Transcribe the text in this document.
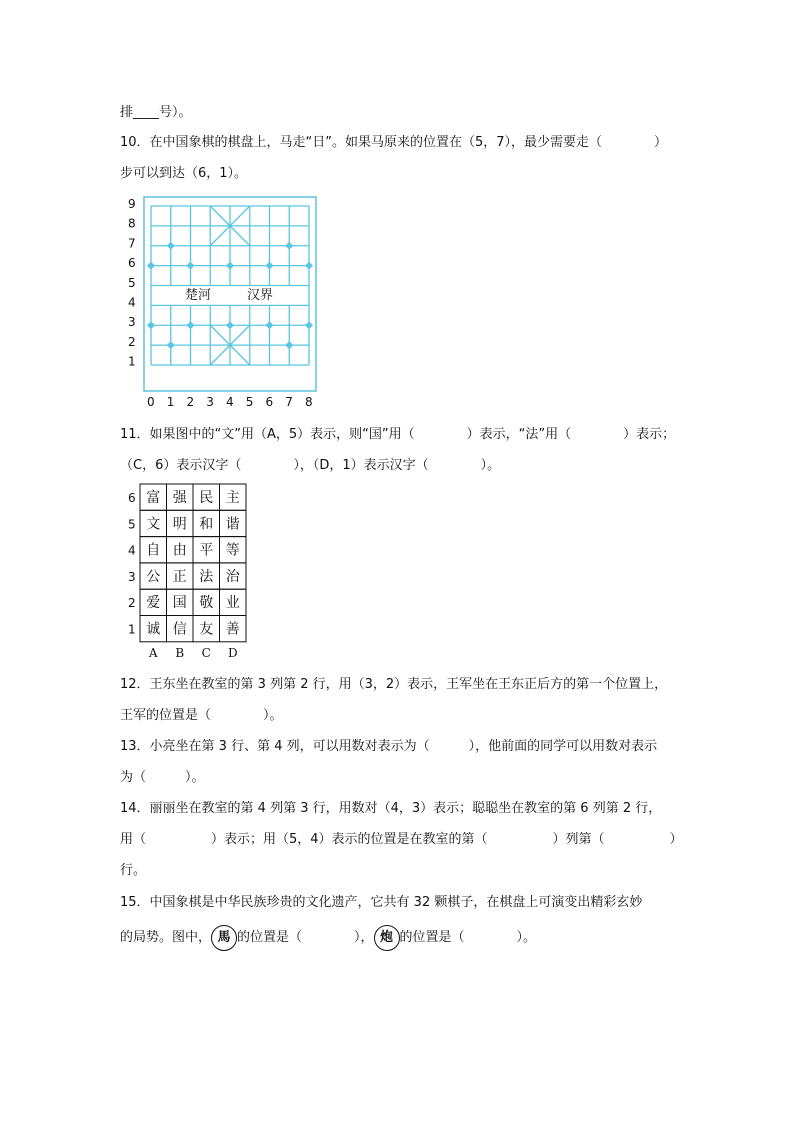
排____号）。
10．在中国象棋的棋盘上，马走“日”。如果马原来的位置在（5，7），最少需要走（　　　　）
步可以到达（6，1）。
9
8
7
6
5
4
3
2
1
0 1 2 3 4 5 6 7 8
楚河	汉界
11．如果图中的“文”用（A，5）表示，则“国”用（　　　　）表示，“法”用（　　　　）表示；
（C，6）表示汉字（　　　　），（D，1）表示汉字（　　　　）。
6 富 强 民 主
5 文 明 和 谐
4 自 由 平 等
3 公 正 法 治
2 爱 国 敬 业
1 诚 信 友 善
A B C D
12．王东坐在教室的第 3 列第 2 行，用（3，2）表示，王军坐在王东正后方的第一个位置上，
王军的位置是（　　　　）。
13．小亮坐在第 3 行、第 4 列，可以用数对表示为（　　　），他前面的同学可以用数对表示
为（　　　）。
14．丽丽坐在教室的第 4 列第 3 行，用数对（4，3）表示；聪聪坐在教室的第 6 列第 2 行，
用（　　　　　）表示；用（5，4）表示的位置是在教室的第（　　　　　）列第（　　　　　）
行。
15．中国象棋是中华民族珍贵的文化遗产，它共有 32 颗棋子，在棋盘上可演变出精彩玄妙
的局势。图中， 馬 的位置是（　　　　）， 炮 的位置是（　　　　）。
